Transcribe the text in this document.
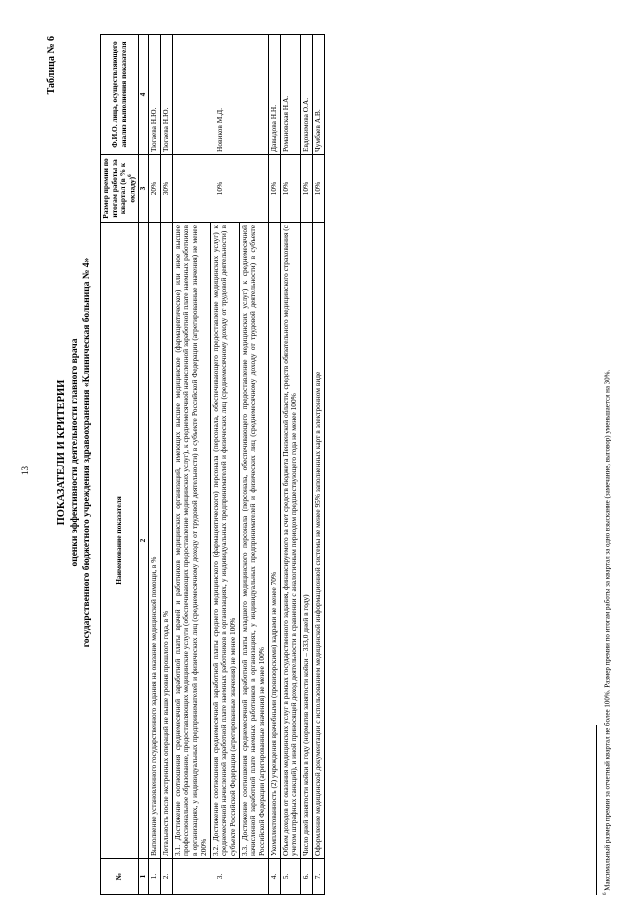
13
Таблица № 6
ПОКАЗАТЕЛИ И КРИТЕРИИ оценки эффективности деятельности главного врача государственного бюджетного учреждения здравоохранения «Клиническая больница № 4»
№	Наименование показателя	Размер премии по итогам работы за квартал (в % к окладу)$^6$	Ф.И.О. лица, осуществляющего анализ выполнения показателя
1	2	3	4
1.	Выполнение установленного государственного задания на оказание медицинской помощи, в %	20%	Тюгаева Н.Ю.
2.	Летальность после экстренных операций не выше уровня прошлого года, в %	30%	Тюгаева Н.Ю.
3.	3.1. Достижение соотношения среднемесячной заработной платы врачей и работников медицинских организаций, имеющих высшее медицинское (фармацевтическое) или иное высшее профессиональное образование, предоставляющих медицинские услуги (обеспечивающих предоставление медицинских услуг), к среднемесячной начисленной заработной плате наемных работников в организациях, у индивидуальных предпринимателей и физических лиц (среднемесячному доходу от трудовой деятельности) в субъекте Российской Федерации (агрегированные значения) не менее 200%	10%	Новиков М.Д.
	3.2. Достижение соотношения среднемесячной заработной платы среднего медицинского (фармацевтического) персонала (персонала, обеспечивающего предоставление медицинских услуг) к среднемесячной начисленной заработной плате наемных работников в организациях, у индивидуальных предпринимателей и физических лиц (среднемесячному доходу от трудовой деятельности) в субъекте Российской Федерации (агрегированные значения) не менее 100%		
	3.3. Достижение соотношения среднемесячной заработной платы младшего медицинского персонала (персонала, обеспечивающего предоставление медицинских услуг) к среднемесячной начисленной заработной плате наемных работников в организациях, у индивидуальных предпринимателей и физических лиц (среднемесячному доходу от трудовой деятельности) в субъекте Российской Федерации (агрегированные значения) не менее 100%		
4.	Укомплектованность (2) учреждения врачебными (провизорскими) кадрами не менее 70%	10%	Давыдова Н.Н.
5.	Объем доходов от оказания медицинских услуг в рамках государственного задания, финансируемого за счет средств бюджета Пензенской области, средств обязательного медицинского страхования (с учетом штрафных санкций), и иной приносящей доход деятельности в сравнении с аналогичным периодом предшествующего года не менее 100%	10%	Романовская Н.А.
6.	Число дней занятости койки в году (норматив занятости койки – 333,0 дней в году)	10%	Евдокимова О.А.
7.	Оформление медицинской документации с использованием медицинской информационной системы не менее 95% заполненных карт в электронном виде	10%	Чумбаев А.В.
$^6$ Максимальный размер премии за отчетный квартал не более 100%. Размер премии по итогам работы за квартал за одно взыскание (замечание, выговор) уменьшается на 30%.
